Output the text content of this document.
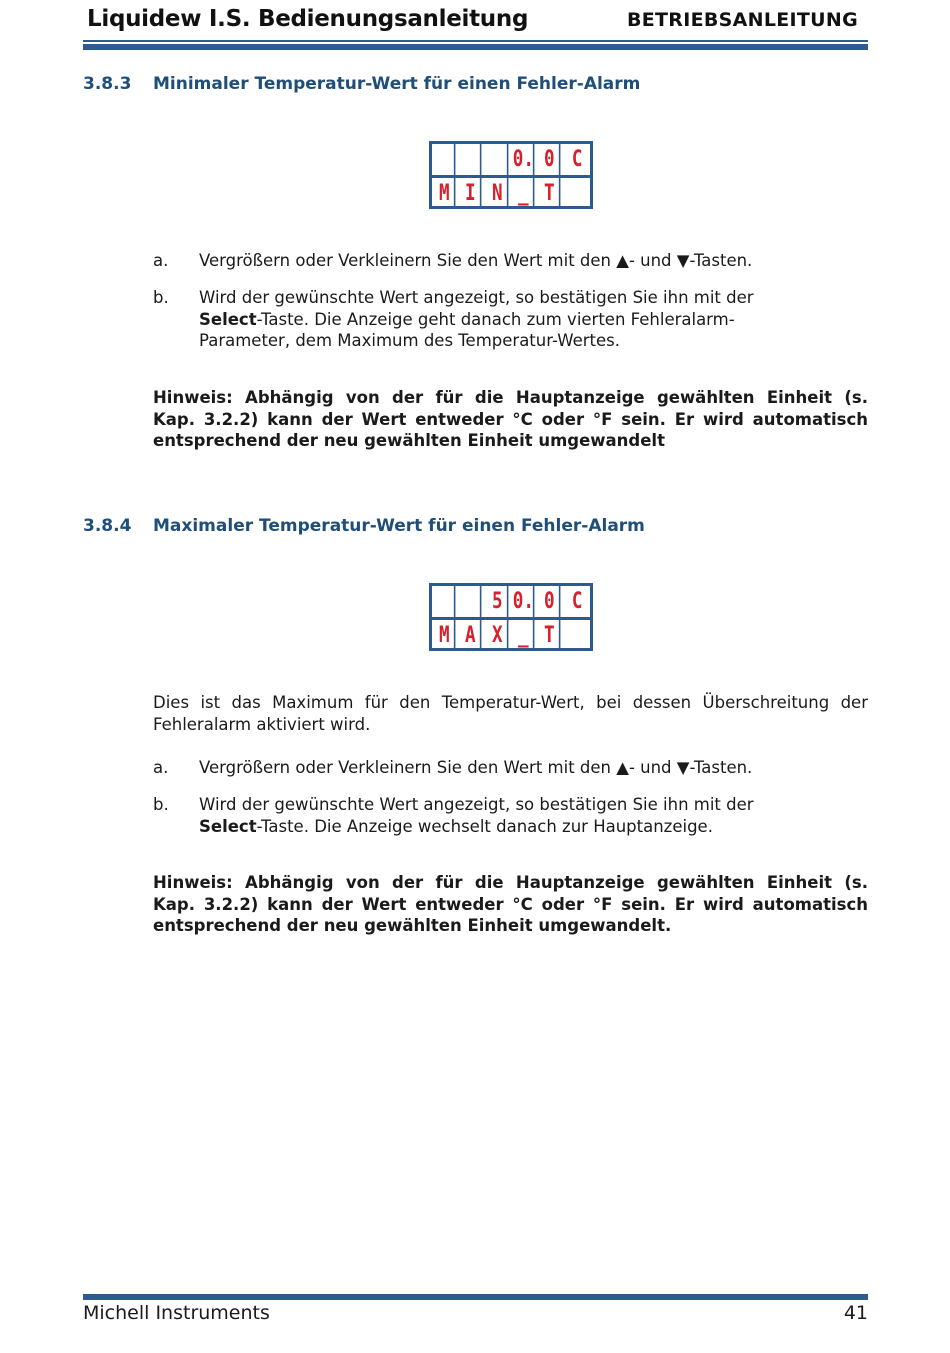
Liquidew I.S. Bedienungsanleitung	BETRIEBSANLEITUNG
3.8.3 Minimaler Temperatur-Wert für einen Fehler-Alarm
0. 0 C
M I N _ T
a. Vergrößern oder Verkleinern Sie den Wert mit den ▲- und ▼-Tasten.
b. Wird der gewünschte Wert angezeigt, so bestätigen Sie ihn mit der Select-Taste. Die Anzeige geht danach zum vierten Fehleralarm-Parameter, dem Maximum des Temperatur-Wertes.
Hinweis: Abhängig von der für die Hauptanzeige gewählten Einheit (s.
Kap. 3.2.2) kann der Wert entweder °C oder °F sein. Er wird automatisch
entsprechend der neu gewählten Einheit umgewandelt
3.8.4 Maximaler Temperatur-Wert für einen Fehler-Alarm
5 0. 0 C
M A X _ T
Dies ist das Maximum für den Temperatur-Wert, bei dessen Überschreitung der
Fehleralarm aktiviert wird.
a. Vergrößern oder Verkleinern Sie den Wert mit den ▲- und ▼-Tasten.
b. Wird der gewünschte Wert angezeigt, so bestätigen Sie ihn mit der Select-Taste. Die Anzeige wechselt danach zur Hauptanzeige.
Hinweis: Abhängig von der für die Hauptanzeige gewählten Einheit (s.
Kap. 3.2.2) kann der Wert entweder °C oder °F sein. Er wird automatisch
entsprechend der neu gewählten Einheit umgewandelt.
Michell Instruments	41
